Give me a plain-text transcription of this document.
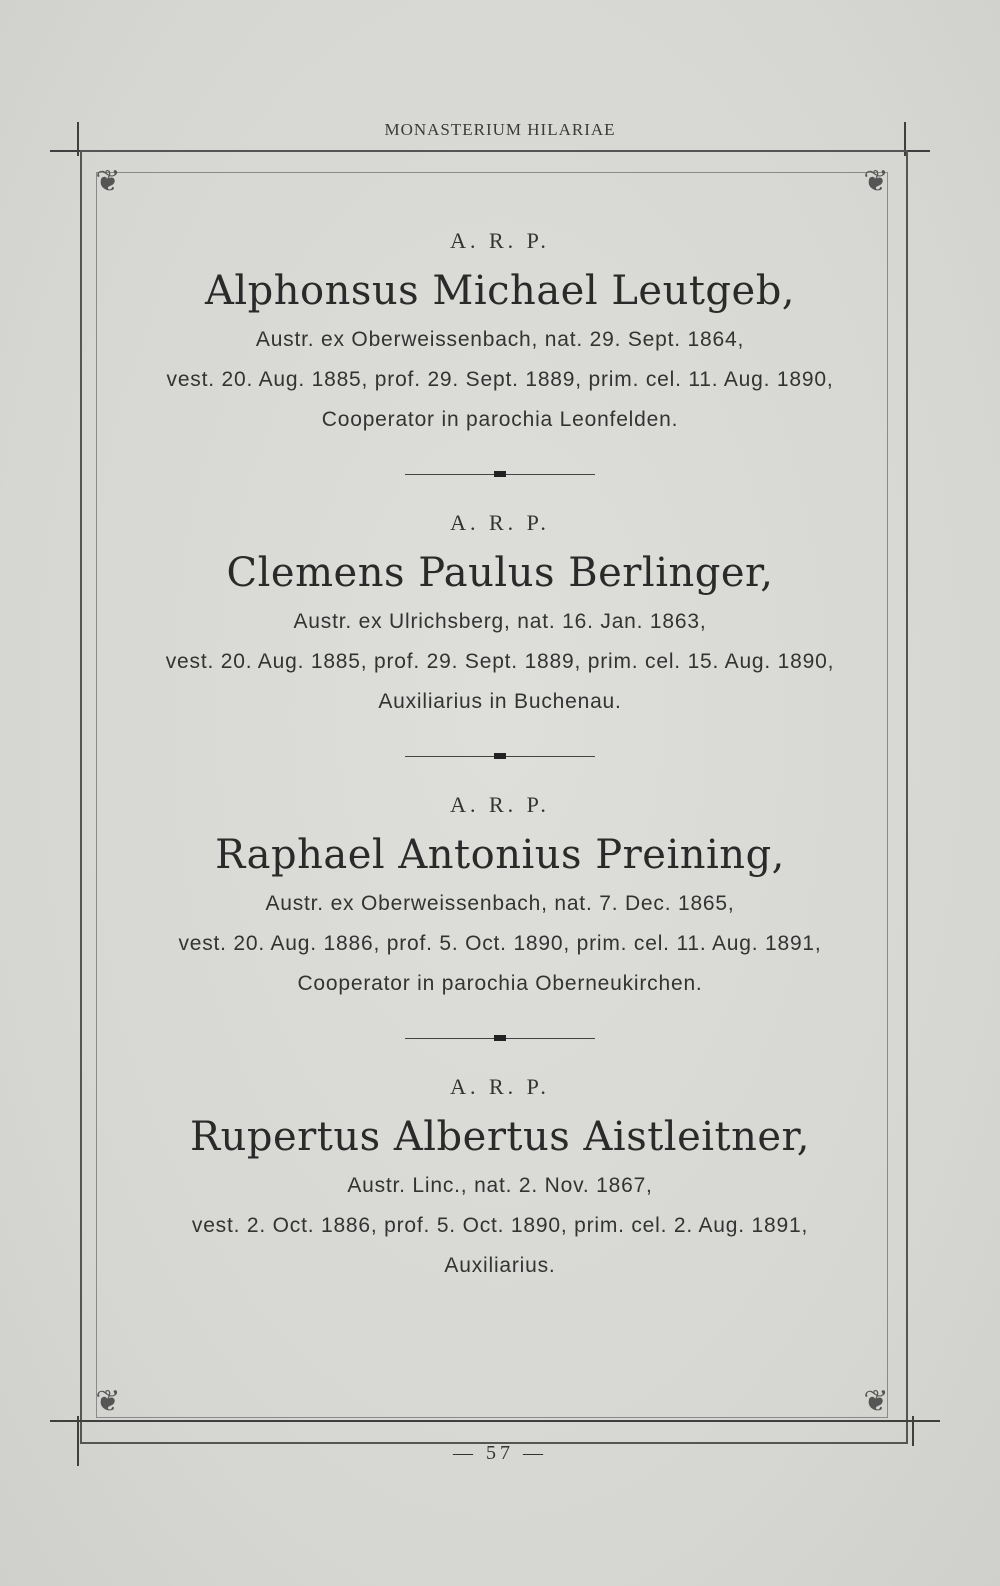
MONASTERIUM HILARIAE
❦	❦
❦	❦
A. R. P.
Alphonsus Michael Leutgeb,
Austr. ex Oberweissenbach, nat. 29. Sept. 1864,
vest. 20. Aug. 1885, prof. 29. Sept. 1889, prim. cel. 11. Aug. 1890,
Cooperator in parochia Leonfelden.
A. R. P.
Clemens Paulus Berlinger,
Austr. ex Ulrichsberg, nat. 16. Jan. 1863,
vest. 20. Aug. 1885, prof. 29. Sept. 1889, prim. cel. 15. Aug. 1890,
Auxiliarius in Buchenau.
A. R. P.
Raphael Antonius Preining,
Austr. ex Oberweissenbach, nat. 7. Dec. 1865,
vest. 20. Aug. 1886, prof. 5. Oct. 1890, prim. cel. 11. Aug. 1891,
Cooperator in parochia Oberneukirchen.
A. R. P.
Rupertus Albertus Aistleitner,
Austr. Linc., nat. 2. Nov. 1867,
vest. 2. Oct. 1886, prof. 5. Oct. 1890, prim. cel. 2. Aug. 1891,
Auxiliarius.
— 57 —
